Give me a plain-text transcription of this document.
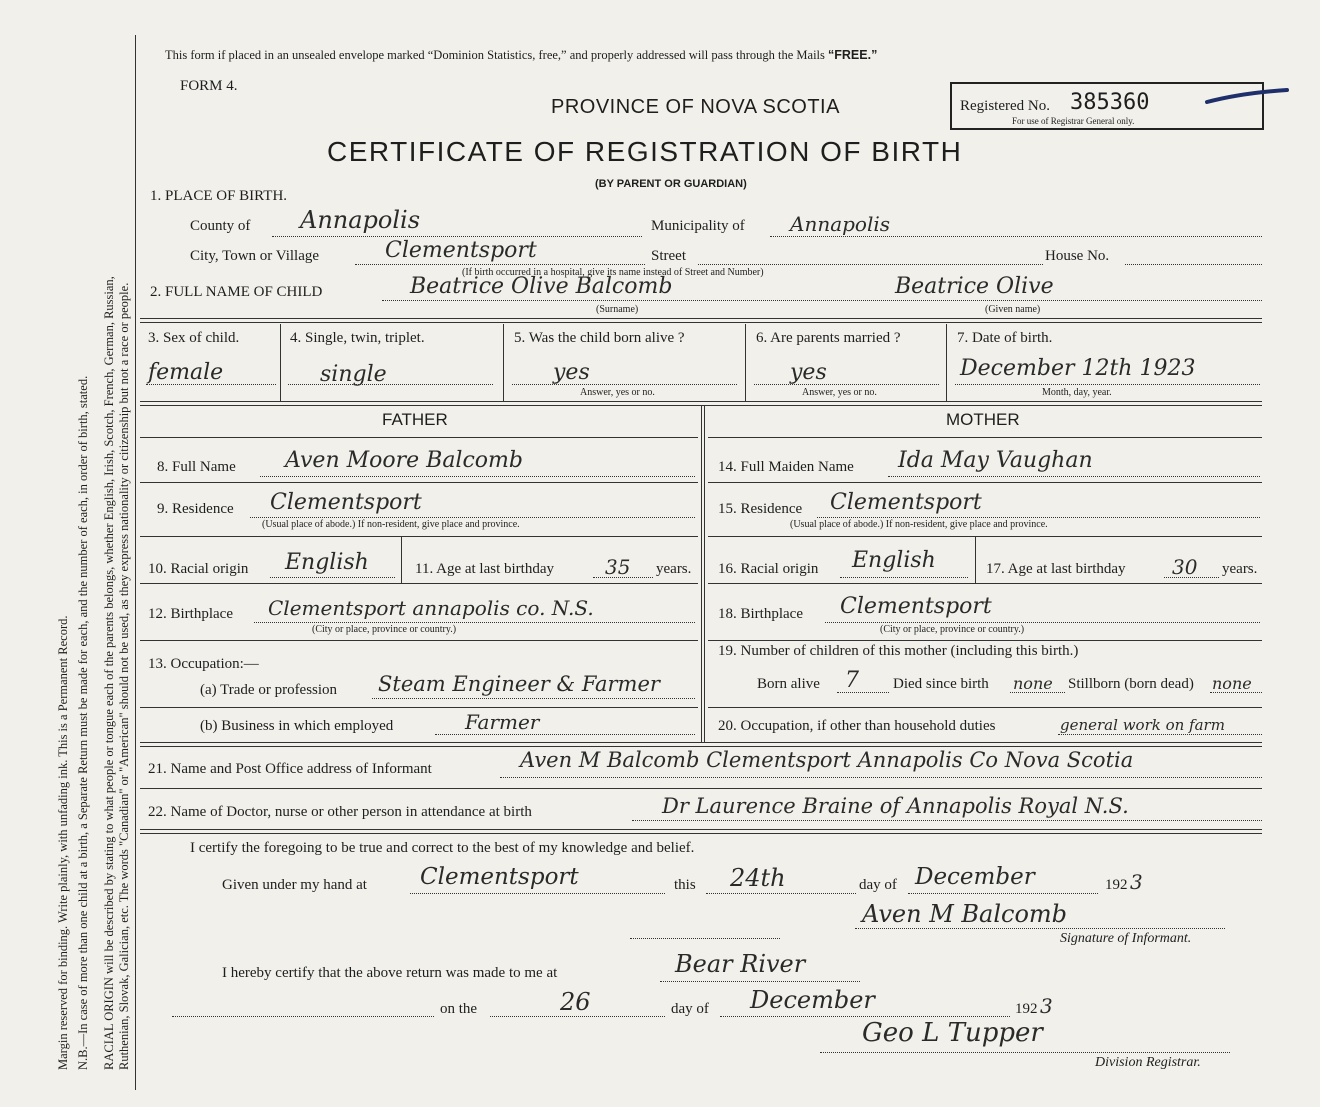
Margin reserved for binding. Write plainly, with unfading ink. This is a Permanent Record. N.B.—In case of more than one child at a birth, a Separate Return must be made for each, and the number of each, in order of birth, stated. RACIAL ORIGIN will be described by stating to what people or tongue each of the parents belongs, whether English, Irish, Scotch, French, German, Russian, Ruthenian, Slovak, Galician, etc. The words "Canadian" or "American" should not be used, as they express nationality or citizenship but not a race or people.
This form if placed in an unsealed envelope marked “Dominion Statistics, free,” and properly addressed will pass through the Mails “FREE.”
FORM 4.
PROVINCE OF NOVA SCOTIA
CERTIFICATE OF REGISTRATION OF BIRTH
(BY PARENT OR GUARDIAN)
Registered No. 385360
For use of Registrar General only.
1. PLACE OF BIRTH.
County of Annapolis	Municipality of Annapolis
City, Town or Village	Clementsport	Street	House No.
(If birth occurred in a hospital, give its name instead of Street and Number)
2. FULL NAME OF CHILD	Beatrice Olive Balcomb	Beatrice Olive
(Surname)	(Given name)
3. Sex of child.
female
4. Single, twin, triplet.
single
5. Was the child born alive ?
yes
Answer, yes or no.
6. Are parents married ?
yes
Answer, yes or no.
7. Date of birth.
December 12th 1923
Month, day, year.
FATHER	MOTHER
8. Full Name Aven Moore Balcomb	14. Full Maiden Name Ida May Vaughan
9. Residence Clementsport
(Usual place of abode.) If non-resident, give place and province.
15. Residence Clementsport
(Usual place of abode.) If non-resident, give place and province.
10. Racial origin English	11. Age at last birthday	35 years. 16. Racial origin English	17. Age at last birthday 30 years.
12. Birthplace Clementsport annapolis co. N.S.
(City or place, province or country.)
18. Birthplace Clementsport
(City or place, province or country.)
13. Occupation:—
(a) Trade or profession Steam Engineer & Farmer
(b) Business in which employed	Farmer
19. Number of children of this mother (including this birth.)
Born alive 7 Died since birth none Stillborn (born dead) none
20. Occupation, if other than household duties	general work on farm
21. Name and Post Office address of Informant	Aven M Balcomb Clementsport Annapolis Co Nova Scotia
22. Name of Doctor, nurse or other person in attendance at birth	Dr Laurence Braine of Annapolis Royal N.S.
I certify the foregoing to be true and correct to the best of my knowledge and belief.
Given under my hand at Clementsport	this 24th	day of December	192 3
Aven M Balcomb
Signature of Informant.
I hereby certify that the above return was made to me at	Bear River
on the	26	day of December	192 3
Geo L Tupper
Division Registrar.
